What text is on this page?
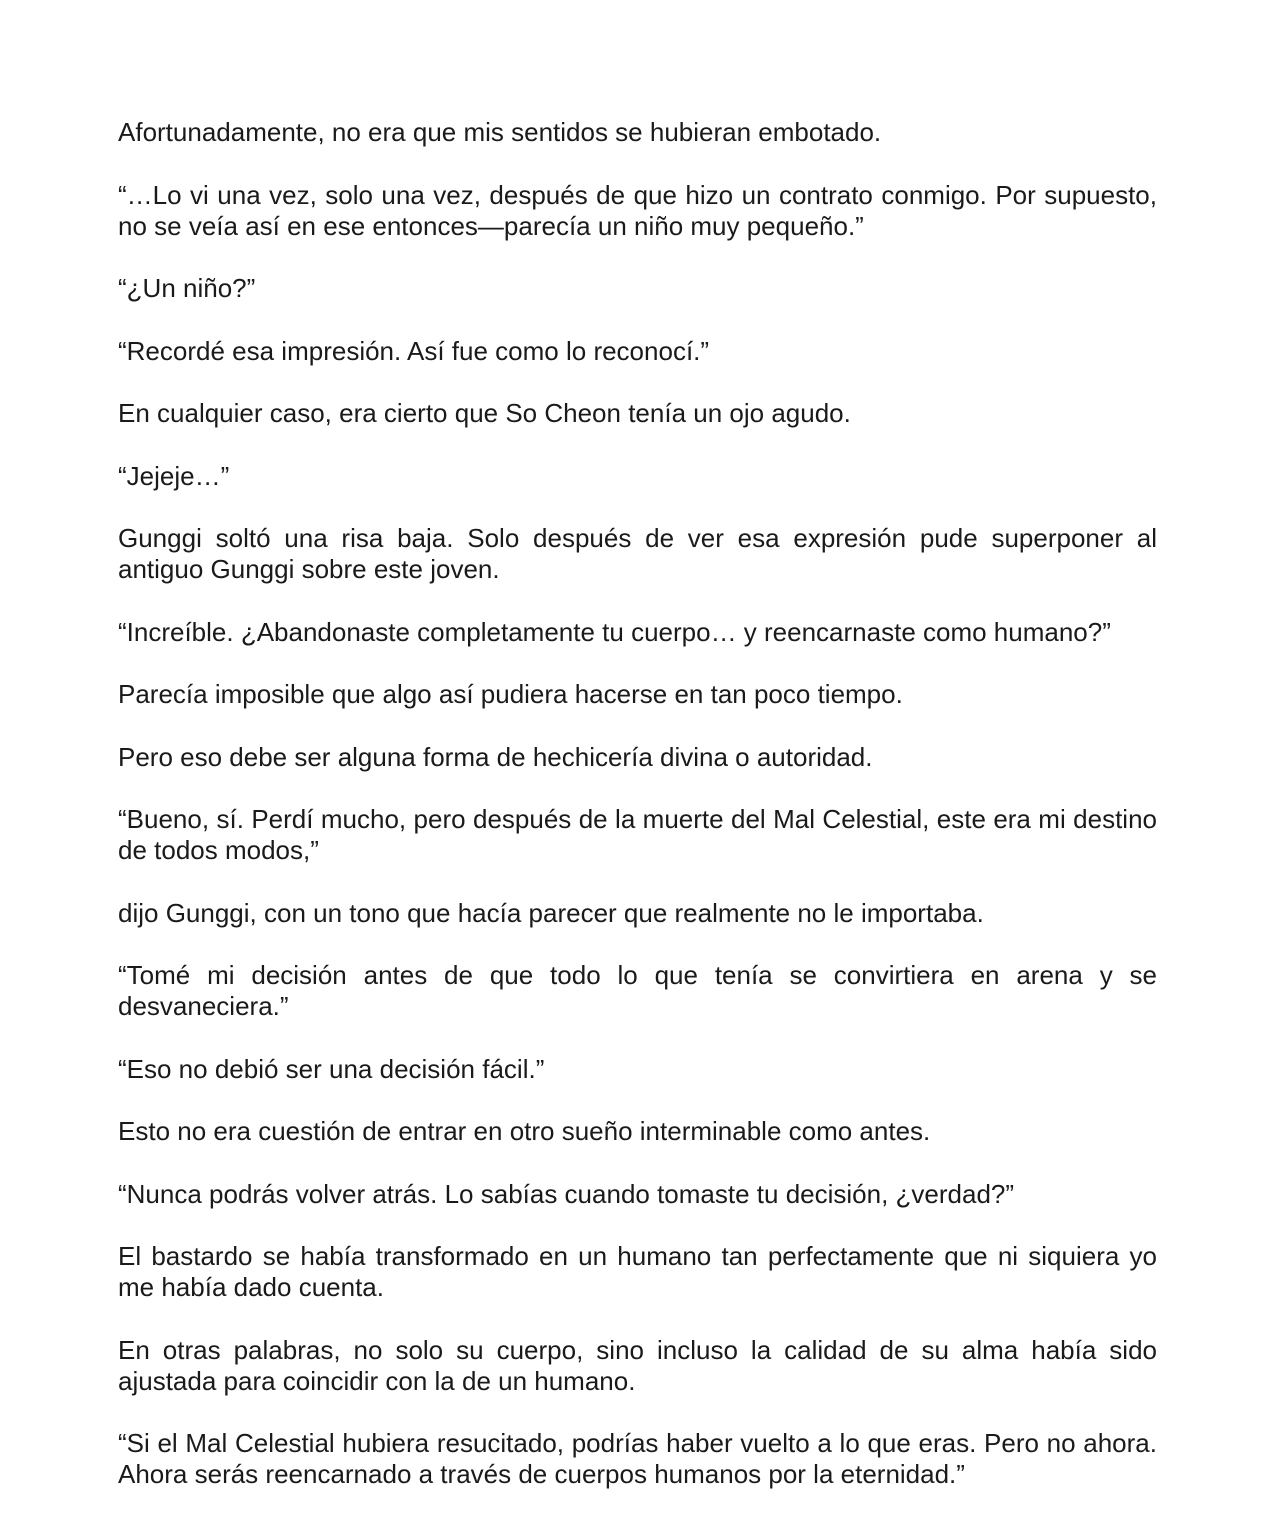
Afortunadamente, no era que mis sentidos se hubieran embotado.

“…Lo vi una vez, solo una vez, después de que hizo un contrato conmigo. Por supuesto, no se veía así en ese entonces—parecía un niño muy pequeño.”

“¿Un niño?”

“Recordé esa impresión. Así fue como lo reconocí.”

En cualquier caso, era cierto que So Cheon tenía un ojo agudo.

“Jejeje…”

Gunggi soltó una risa baja. Solo después de ver esa expresión pude superponer al antiguo Gunggi sobre este joven.

“Increíble. ¿Abandonaste completamente tu cuerpo… y reencarnaste como humano?”

Parecía imposible que algo así pudiera hacerse en tan poco tiempo.

Pero eso debe ser alguna forma de hechicería divina o autoridad.

“Bueno, sí. Perdí mucho, pero después de la muerte del Mal Celestial, este era mi destino de todos modos,”

dijo Gunggi, con un tono que hacía parecer que realmente no le importaba.

“Tomé mi decisión antes de que todo lo que tenía se convirtiera en arena y se desvaneciera.”

“Eso no debió ser una decisión fácil.”

Esto no era cuestión de entrar en otro sueño interminable como antes.

“Nunca podrás volver atrás. Lo sabías cuando tomaste tu decisión, ¿verdad?”

El bastardo se había transformado en un humano tan perfectamente que ni siquiera yo me había dado cuenta.

En otras palabras, no solo su cuerpo, sino incluso la calidad de su alma había sido ajustada para coincidir con la de un humano.

“Si el Mal Celestial hubiera resucitado, podrías haber vuelto a lo que eras. Pero no ahora. Ahora serás reencarnado a través de cuerpos humanos por la eternidad.”
